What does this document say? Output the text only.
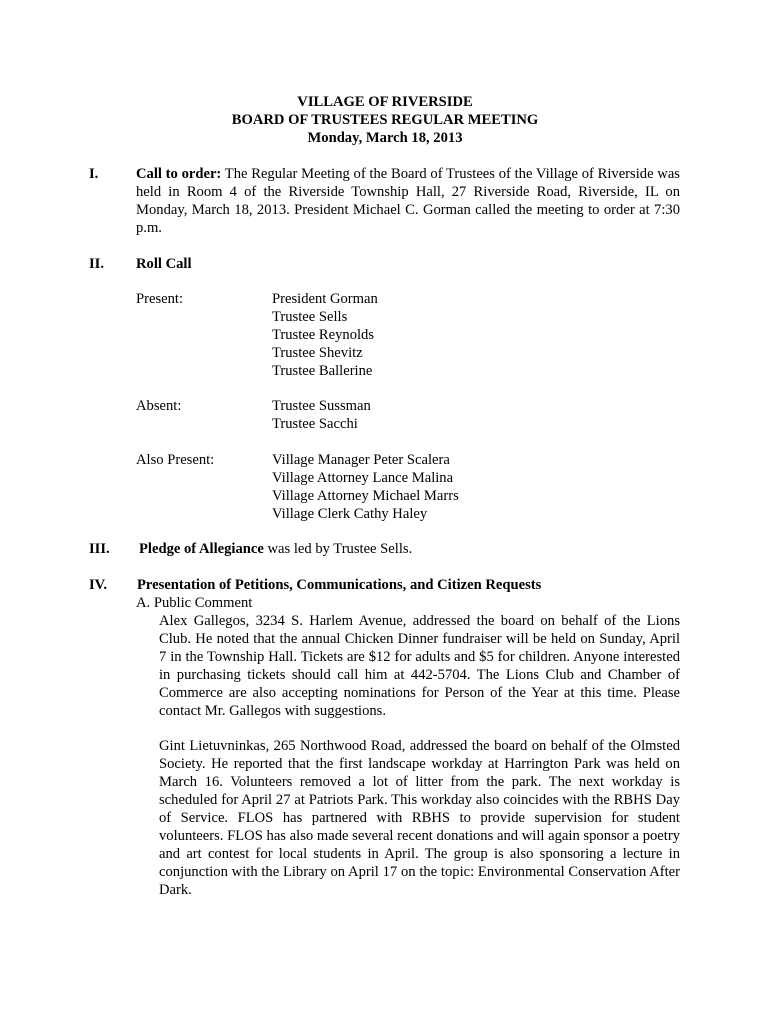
VILLAGE OF RIVERSIDE
BOARD OF TRUSTEES REGULAR MEETING
Monday, March 18, 2013
I.	Call to order: The Regular Meeting of the Board of Trustees of the Village of Riverside was held in Room 4 of the Riverside Township Hall, 27 Riverside Road, Riverside, IL on Monday, March 18, 2013. President Michael C. Gorman called the meeting to order at 7:30 p.m.
II. Roll Call
Present:	President Gorman
Trustee Sells
Trustee Reynolds
Trustee Shevitz
Trustee Ballerine
Absent:	Trustee Sussman
Trustee Sacchi
Also Present:	Village Manager Peter Scalera
Village Attorney Lance Malina
Village Attorney Michael Marrs
Village Clerk Cathy Haley
III. Pledge of Allegiance was led by Trustee Sells.
IV. Presentation of Petitions, Communications, and Citizen Requests
A. Public Comment
Alex Gallegos, 3234 S. Harlem Avenue, addressed the board on behalf of the Lions Club. He noted that the annual Chicken Dinner fundraiser will be held on Sunday, April 7 in the Township Hall. Tickets are $12 for adults and $5 for children. Anyone interested in purchasing tickets should call him at 442-5704. The Lions Club and Chamber of Commerce are also accepting nominations for Person of the Year at this time. Please contact Mr. Gallegos with suggestions.
Gint Lietuvninkas, 265 Northwood Road, addressed the board on behalf of the Olmsted Society. He reported that the first landscape workday at Harrington Park was held on March 16. Volunteers removed a lot of litter from the park. The next workday is scheduled for April 27 at Patriots Park. This workday also coincides with the RBHS Day of Service. FLOS has partnered with RBHS to provide supervision for student volunteers. FLOS has also made several recent donations and will again sponsor a poetry and art contest for local students in April. The group is also sponsoring a lecture in conjunction with the Library on April 17 on the topic: Environmental Conservation After Dark.
